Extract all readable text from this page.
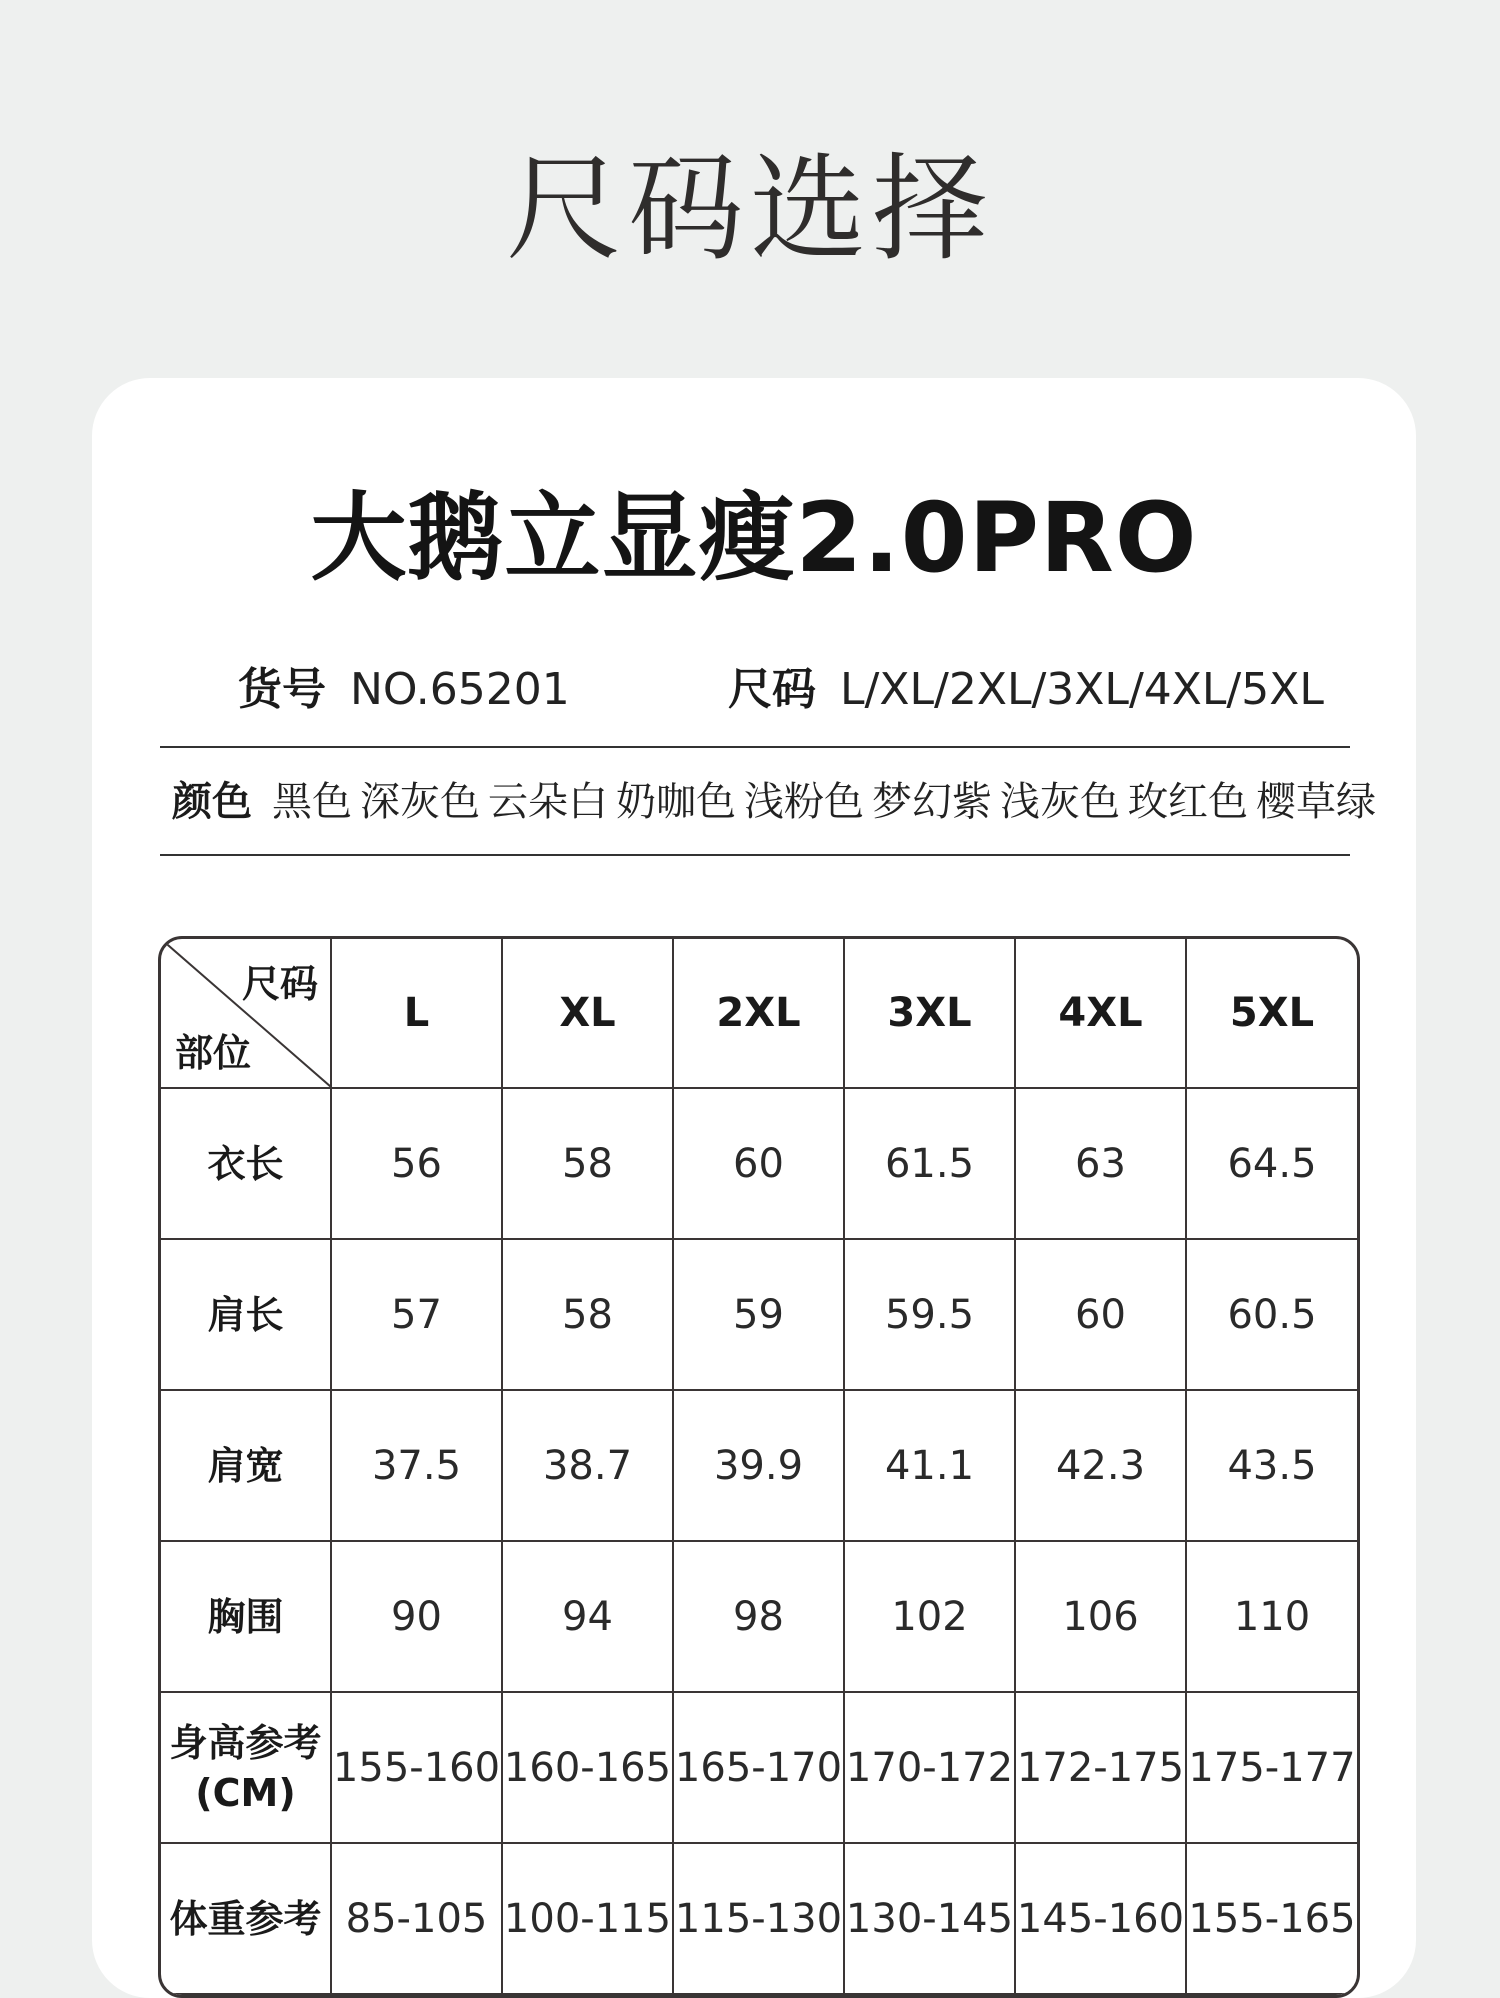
尺码选择
大鹅立显瘦2.0PRO
货号 NO.65201	尺码 L/XL/2XL/3XL/4XL/5XL
颜色 黑色 深灰色 云朵白 奶咖色 浅粉色 梦幻紫 浅灰色 玫红色 樱草绿
尺码
部位	L	XL	2XL	3XL	4XL	5XL
衣长	56	58	60	61.5	63	64.5
肩长	57	58	59	59.5	60	60.5
肩宽	37.5	38.7	39.9	41.1	42.3	43.5
胸围	90	94	98	102	106	110

身高参考
(CM)	155-160	160-165	165-170	170-172	172-175	175-177
体重参考	85-105	100-115	115-130	130-145	145-160	155-165
